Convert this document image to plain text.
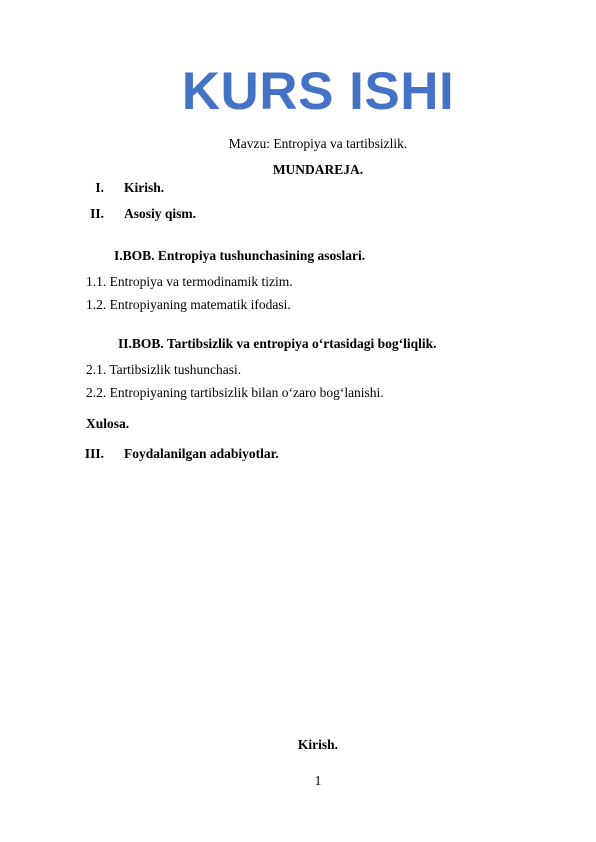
KURS ISHI
Mavzu: Entropiya va tartibsizlik.
MUNDAREJA.
I. Kirish.
II. Asosiy qism.
I.BOB. Entropiya tushunchasining asoslari.
1.1. Entropiya va termodinamik tizim.
1.2. Entropiyaning matematik ifodasi.
II.BOB. Tartibsizlik va entropiya o‘rtasidagi bog‘liqlik.
2.1. Tartibsizlik tushunchasi.
2.2. Entropiyaning tartibsizlik bilan o‘zaro bog‘lanishi.
Xulosa.
III. Foydalanilgan adabiyotlar.
Kirish.
1
